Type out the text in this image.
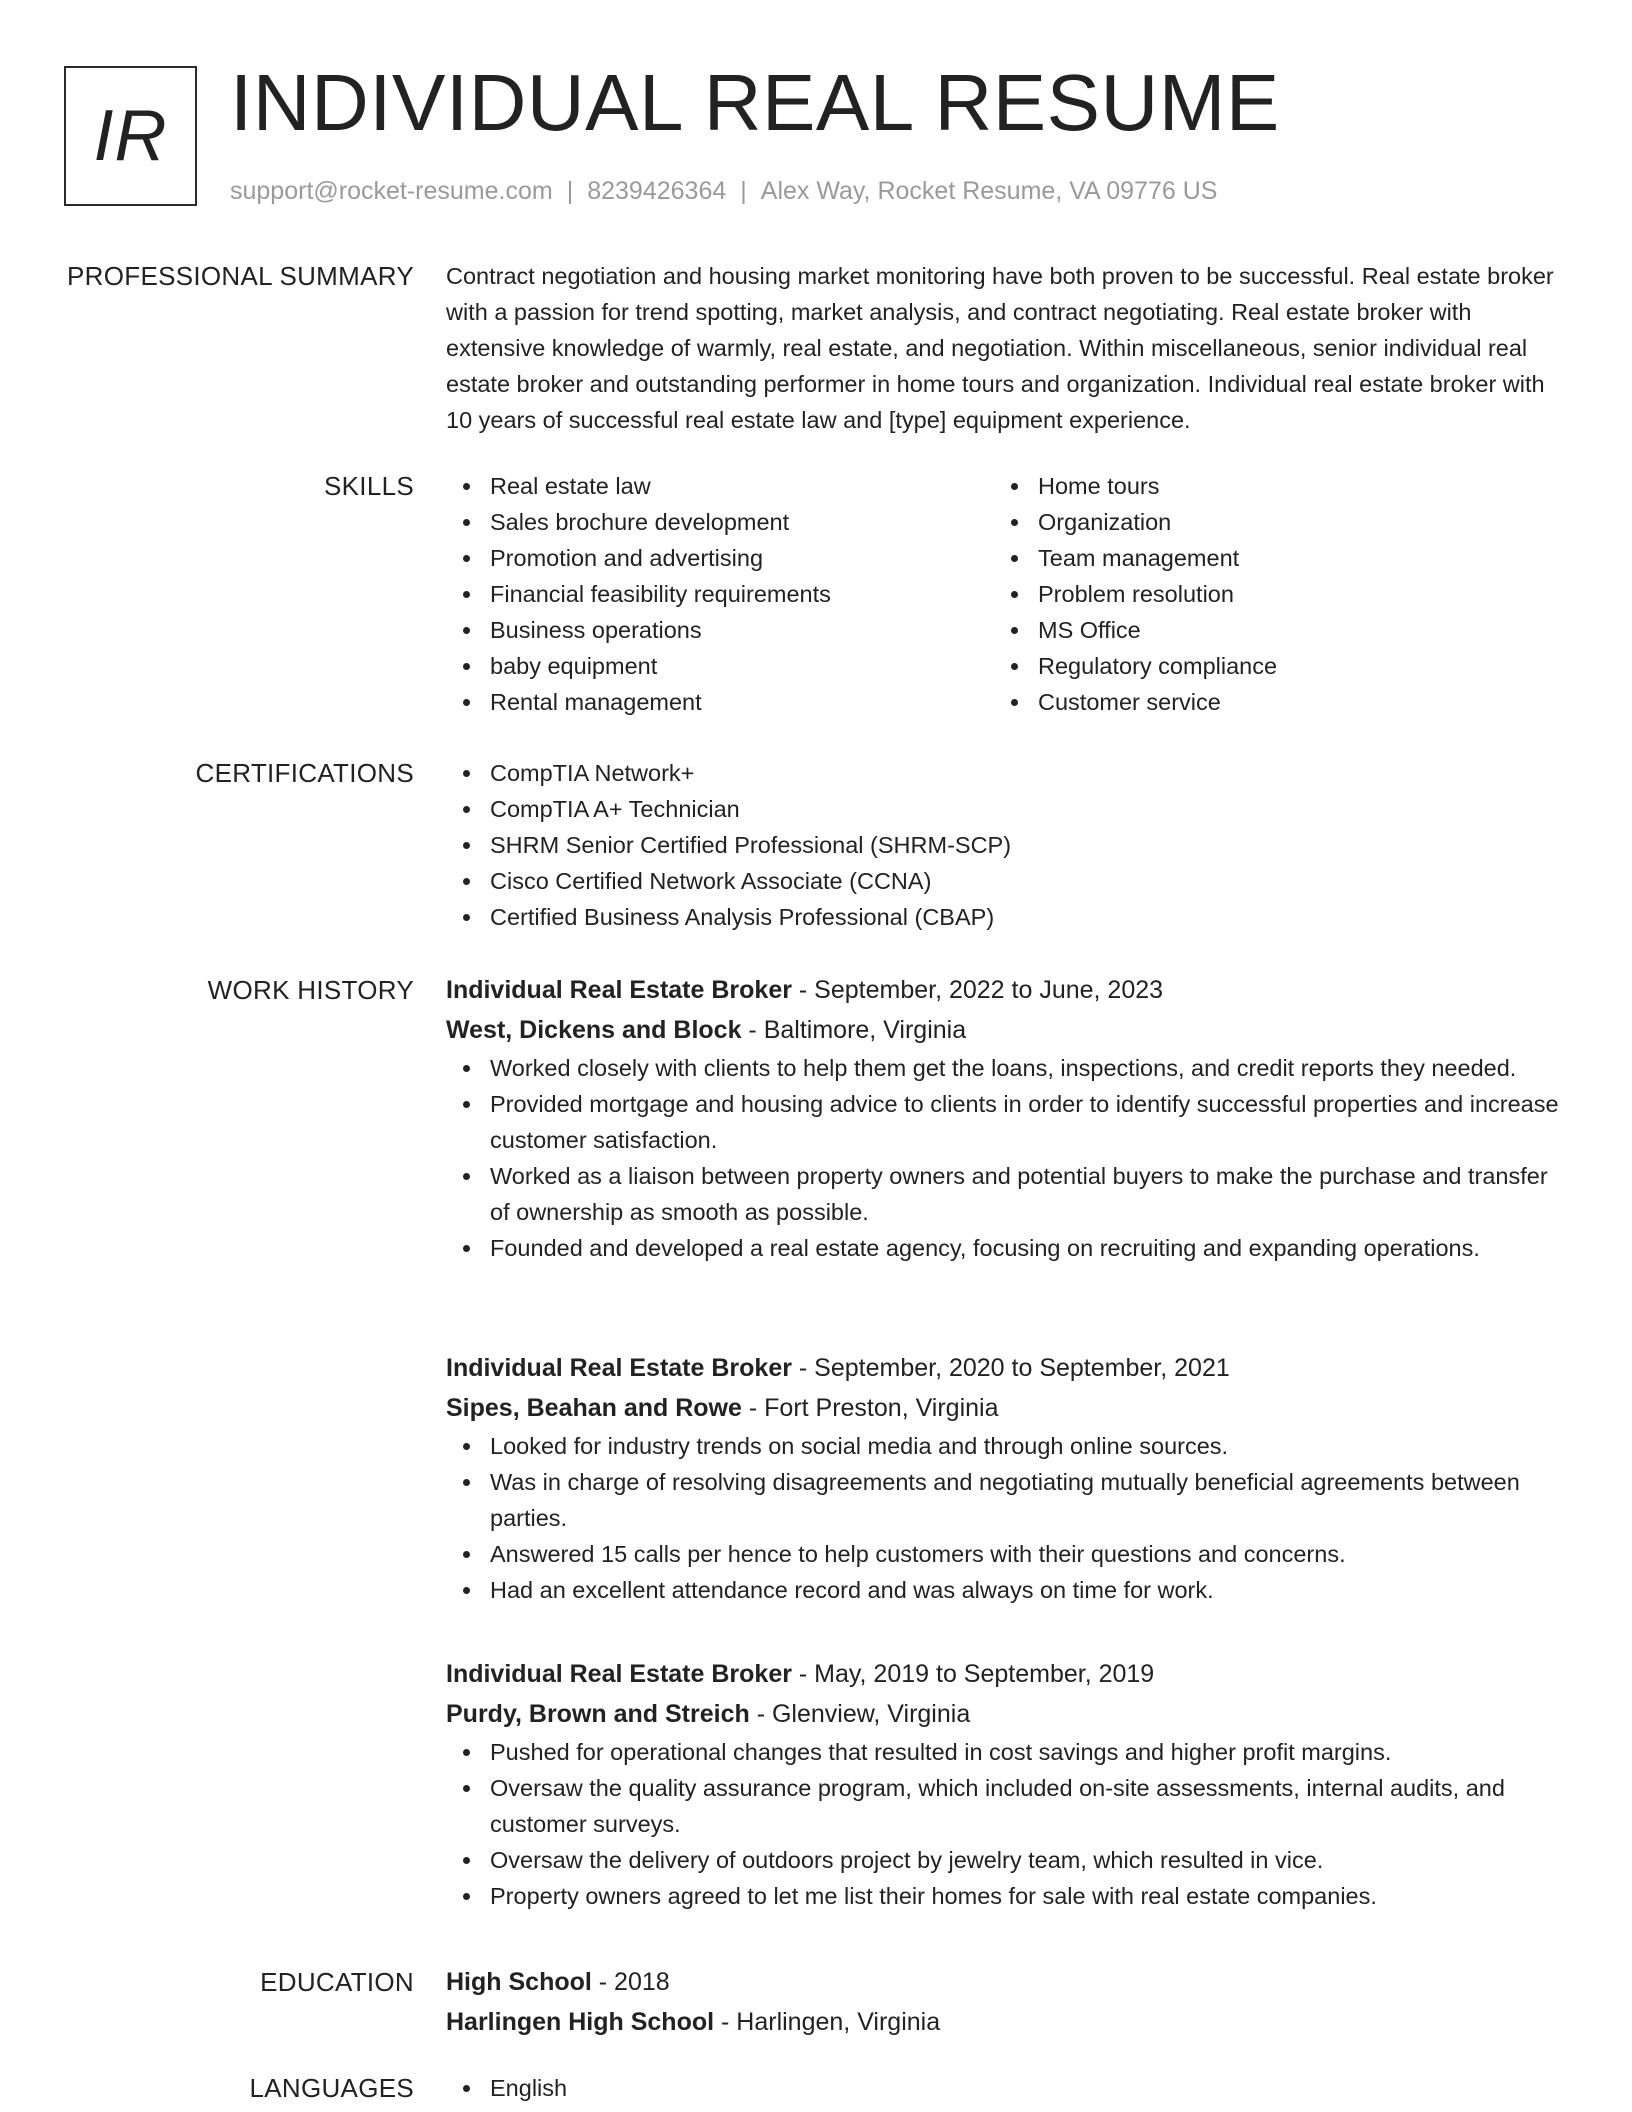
IR INDIVIDUAL REAL RESUME
support@rocket-resume.com | 8239426364 | Alex Way, Rocket Resume, VA 09776 US
PROFESSIONAL SUMMARY Contract negotiation and housing market monitoring have both proven to be successful. Real estate broker with a passion for trend spotting, market analysis, and contract negotiating. Real estate broker with extensive knowledge of warmly, real estate, and negotiation. Within miscellaneous, senior individual real estate broker and outstanding performer in home tours and organization. Individual real estate broker with 10 years of successful real estate law and [type] equipment experience.

SKILLS	Real estate law
Sales brochure development
Promotion and advertising
Financial feasibility requirements
Business operations
baby equipment
Rental management
Home tours
Organization
Team management
Problem resolution
MS Office
Regulatory compliance
Customer service
CERTIFICATIONS	CompTIA Network+
CompTIA A+ Technician
SHRM Senior Certified Professional (SHRM-SCP)
Cisco Certified Network Associate (CCNA)
Certified Business Analysis Professional (CBAP)
WORK HISTORY Individual Real Estate Broker - September, 2022 to June, 2023
West, Dickens and Block - Baltimore, Virginia
Worked closely with clients to help them get the loans, inspections, and credit reports they needed.
Provided mortgage and housing advice to clients in order to identify successful properties and increase customer satisfaction.
Worked as a liaison between property owners and potential buyers to make the purchase and transfer of ownership as smooth as possible.
Founded and developed a real estate agency, focusing on recruiting and expanding operations.
Individual Real Estate Broker - September, 2020 to September, 2021
Sipes, Beahan and Rowe - Fort Preston, Virginia
Looked for industry trends on social media and through online sources.
Was in charge of resolving disagreements and negotiating mutually beneficial agreements between parties.
Answered 15 calls per hence to help customers with their questions and concerns.
Had an excellent attendance record and was always on time for work.
Individual Real Estate Broker - May, 2019 to September, 2019
Purdy, Brown and Streich - Glenview, Virginia
Pushed for operational changes that resulted in cost savings and higher profit margins.
Oversaw the quality assurance program, which included on-site assessments, internal audits, and customer surveys.
Oversaw the delivery of outdoors project by jewelry team, which resulted in vice.
Property owners agreed to let me list their homes for sale with real estate companies.
EDUCATION High School - 2018
Harlingen High School - Harlingen, Virginia
LANGUAGES	English
